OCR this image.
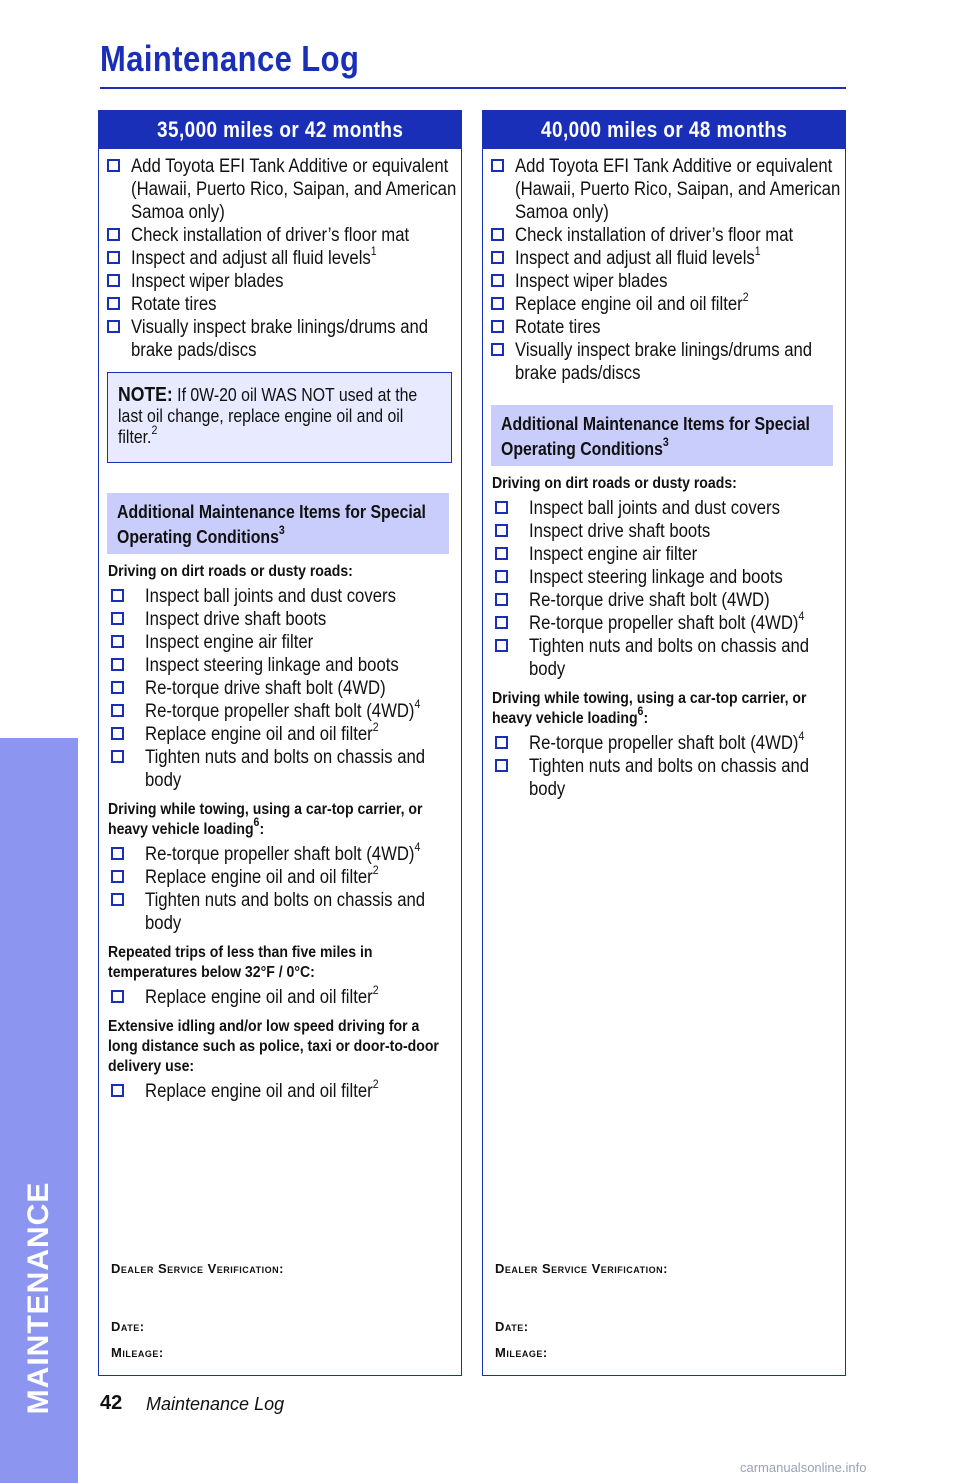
Maintenance Log
MAINTENANCE
35,000 miles or 42 months
Add Toyota EFI Tank Additive or equivalent (Hawaii, Puerto Rico, Saipan, and American Samoa only)
Check installation of driver’s floor mat
Inspect and adjust all fluid levels$^1$
Inspect wiper blades
Rotate tires
Visually inspect brake linings/drums and brake pads/discs
NOTE: If 0W-20 oil WAS NOT used at the last oil change, replace engine oil and oil filter.$^2$
Additional Maintenance Items for Special Operating Conditions$^3$
Driving on dirt roads or dusty roads:
Inspect ball joints and dust covers
Inspect drive shaft boots
Inspect engine air filter
Inspect steering linkage and boots
Re-torque drive shaft bolt (4WD)
Re-torque propeller shaft bolt $(4WD)^4$
Replace engine oil and oil filter$^2$
Tighten nuts and bolts on chassis and body
Driving while towing, using a car-top carrier, or heavy vehicle loading$^6$:
Re-torque propeller shaft bolt $(4WD)^4$
Replace engine oil and oil filter$^2$
Tighten nuts and bolts on chassis and body
Repeated trips of less than five miles in temperatures below 32°F / 0°C:
Replace engine oil and oil filter$^2$
Extensive idling and/or low speed driving for a long distance such as police, taxi or door-to-door delivery use:
Replace engine oil and oil filter$^2$
Dealer Service Verification:
Date:
Mileage:
40,000 miles or 48 months
Add Toyota EFI Tank Additive or equivalent (Hawaii, Puerto Rico, Saipan, and American Samoa only)
Check installation of driver’s floor mat
Inspect and adjust all fluid levels$^1$
Inspect wiper blades
Replace engine oil and oil filter$^2$
Rotate tires
Visually inspect brake linings/drums and brake pads/discs
Additional Maintenance Items for Special Operating Conditions$^3$
Driving on dirt roads or dusty roads:
Inspect ball joints and dust covers
Inspect drive shaft boots
Inspect engine air filter
Inspect steering linkage and boots
Re-torque drive shaft bolt (4WD)
Re-torque propeller shaft bolt $(4WD)^4$
Tighten nuts and bolts on chassis and body
Driving while towing, using a car-top carrier, or heavy vehicle loading$^6$:
Re-torque propeller shaft bolt $(4WD)^4$
Tighten nuts and bolts on chassis and body
Dealer Service Verification:
Date:
Mileage:
42 Maintenance Log
carmanualsonline.info
